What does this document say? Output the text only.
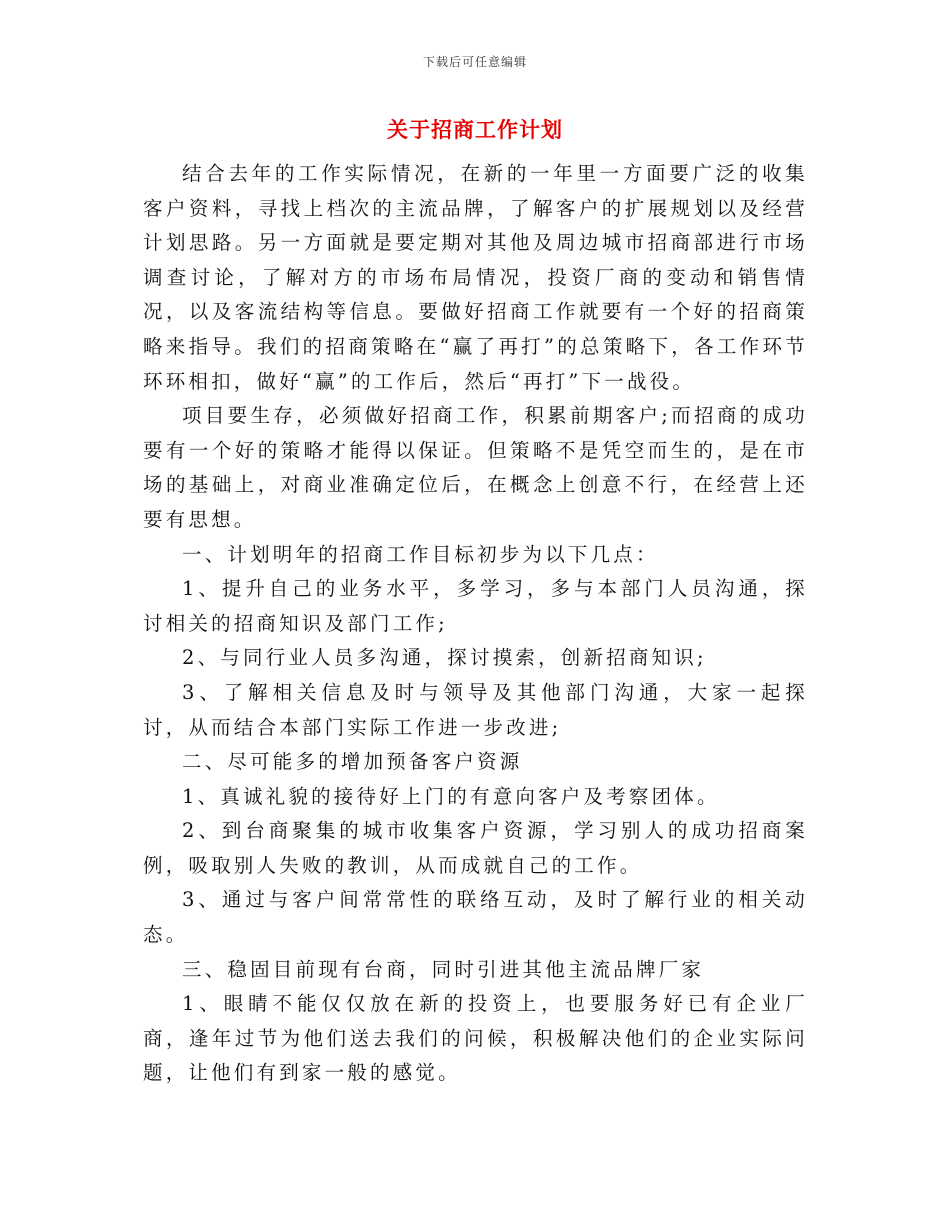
下载后可任意编辑
关于招商工作计划

结合去年的工作实际情况，在新的一年里一方面要广泛的收集客户资料，寻找上档次的主流品牌，了解客户的扩展规划以及经营计划思路。另一方面就是要定期对其他及周边城市招商部进行市场调查讨论，了解对方的市场布局情况，投资厂商的变动和销售情况，以及客流结构等信息。要做好招商工作就要有一个好的招商策略来指导。我们的招商策略在“赢了再打”的总策略下，各工作环节环环相扣，做好“赢”的工作后，然后“再打”下一战役。

项目要生存，必须做好招商工作，积累前期客户;而招商的成功要有一个好的策略才能得以保证。但策略不是凭空而生的，是在市场的基础上，对商业准确定位后，在概念上创意不行，在经营上还要有思想。

一、计划明年的招商工作目标初步为以下几点：

1、提升自己的业务水平，多学习，多与本部门人员沟通，探讨相关的招商知识及部门工作;

2、与同行业人员多沟通，探讨摸索，创新招商知识;

3、了解相关信息及时与领导及其他部门沟通，大家一起探讨，从而结合本部门实际工作进一步改进;

二、尽可能多的增加预备客户资源

1、真诚礼貌的接待好上门的有意向客户及考察团体。

2、到台商聚集的城市收集客户资源，学习别人的成功招商案例，吸取别人失败的教训，从而成就自己的工作。

3、通过与客户间常常性的联络互动，及时了解行业的相关动态。

三、稳固目前现有台商，同时引进其他主流品牌厂家

1、眼睛不能仅仅放在新的投资上，也要服务好已有企业厂商，逢年过节为他们送去我们的问候，积极解决他们的企业实际问题，让他们有到家一般的感觉。
